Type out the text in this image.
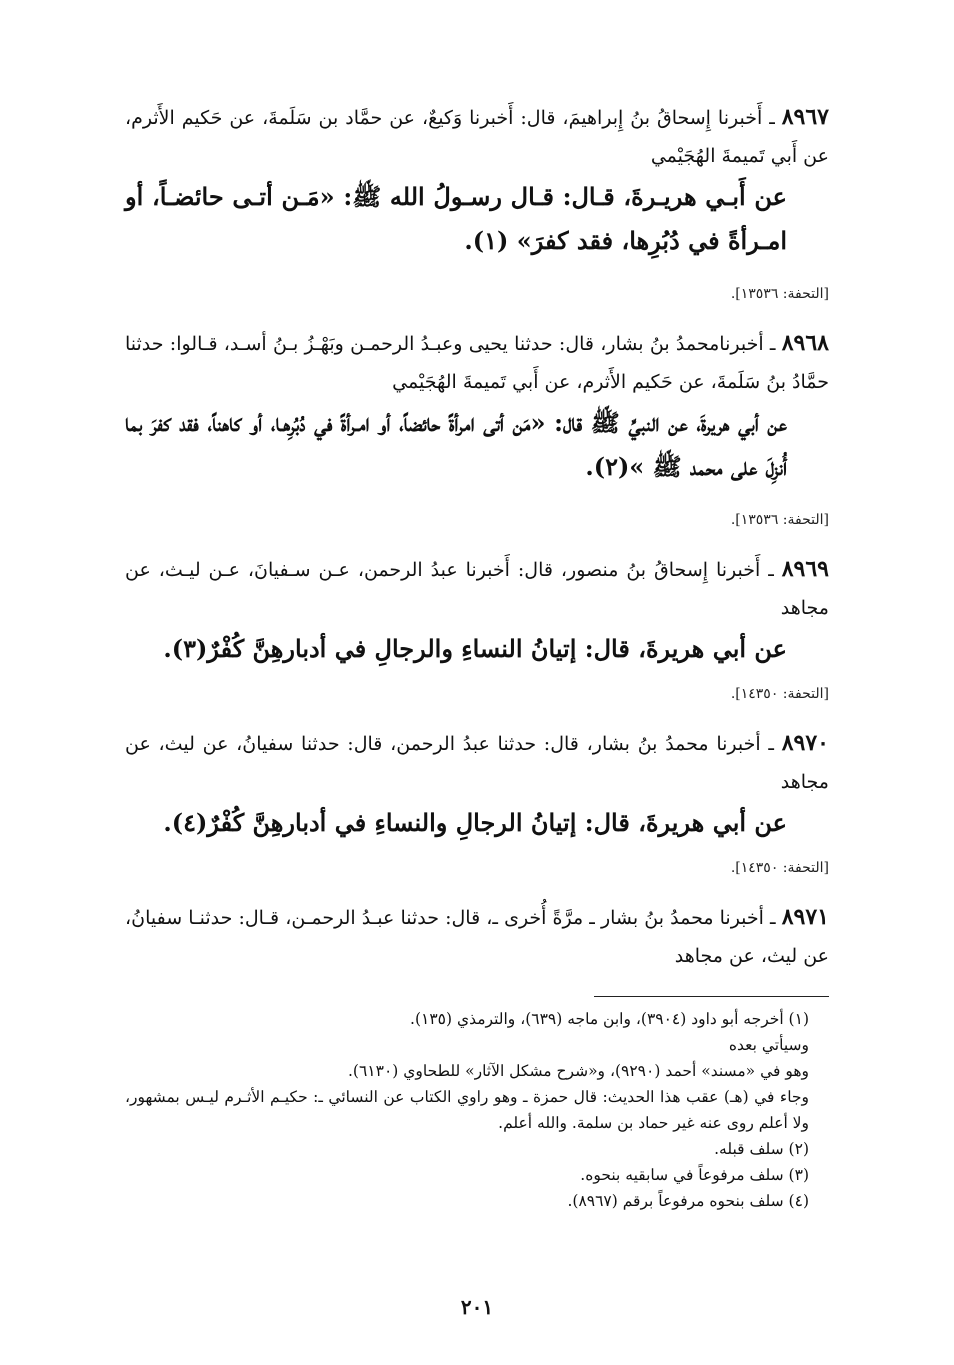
٨٩٦٧ ـ أَخبرنا إِسحاقُ بنُ إِبراهيمَ، قال: أَخبرنا وَكيعٌ، عن حمَّاد بن سَلَمةَ، عن حَكيم الأَثرم، عن أَبي تَميمةَ الهُجَيْمي

عن أَبـي هريـرةَ، قـال: قـال رسـولُ الله ﷺ: «مَـن أتـى حائضـاً، أو امـرأةً في دُبُرِها، فقد كفرَ» (١).

[التحفة: ١٣٥٣٦].

٨٩٦٨ ـ أخبرنامحمدُ بنُ بشار، قال: حدثنا يحيى وعبـدُ الرحمـن وبَهْـزُ بـنُ أسـد، قـالوا: حدثنا حمَّادُ بنُ سَلَمةَ، عن حَكيم الأَثرم، عن أَبي تَميمةَ الهُجَيْمي

عن أبي هريرةَ، عن النبيِّ ﷺ قال: «مَن أتى امرأةً حائضاً، أو امـرأةً في دُبُرِهـا، أو كاهناً، فقد كفرَ بما أُنزِلَ على محمد ﷺ »(٢).

[التحفة: ١٣٥٣٦].

٨٩٦٩ ـ أَخبرنا إِسحاقُ بنُ منصور، قال: أَخبرنا عبدُ الرحمن، عـن سـفيانَ، عـن ليـث، عن مجاهد

عن أبي هريرةَ، قال: إتيانُ النساءِ والرجالِ في أدبارهِنَّ كُفْرٌ(٣).

[التحفة: ١٤٣٥٠].

٨٩٧٠ ـ أخبرنا محمدُ بنُ بشار، قال: حدثنا عبدُ الرحمن، قال: حدثنا سفيانُ، عن ليث، عن مجاهد

عن أبي هريرةَ، قال: إتيانُ الرجالِ والنساءِ في أدبارهِنَّ كُفْرٌ(٤).

[التحفة: ١٤٣٥٠].

٨٩٧١ ـ أخبرنا محمدُ بنُ بشار ـ مرَّةً أُخرى ـ، قال: حدثنا عبـدُ الرحمـن، قـال: حدثنـا سفيانُ، عن ليث، عن مجاهد

(١) أخرجه أبو داود (٣٩٠٤)، وابن ماجه (٦٣٩)، والترمذي (١٣٥).

وسيأتي بعده

وهو في «مسند» أحمد (٩٢٩٠)، و«شرح مشكل الآثار» للطحاوي (٦١٣٠).

وجاء في (هـ) عقب هذا الحديث: قال حمزة ـ وهو راوي الكتاب عن النسائي ـ: حكيـم الأثـرم ليـس بمشهور، ولا أعلم روى عنه غير حماد بن سلمة. والله أعلم.

(٢) سلف قبله.

(٣) سلف مرفوعاً في سابقيه بنحوه.

(٤) سلف بنحوه مرفوعاً برقم (٨٩٦٧).

٢٠١
